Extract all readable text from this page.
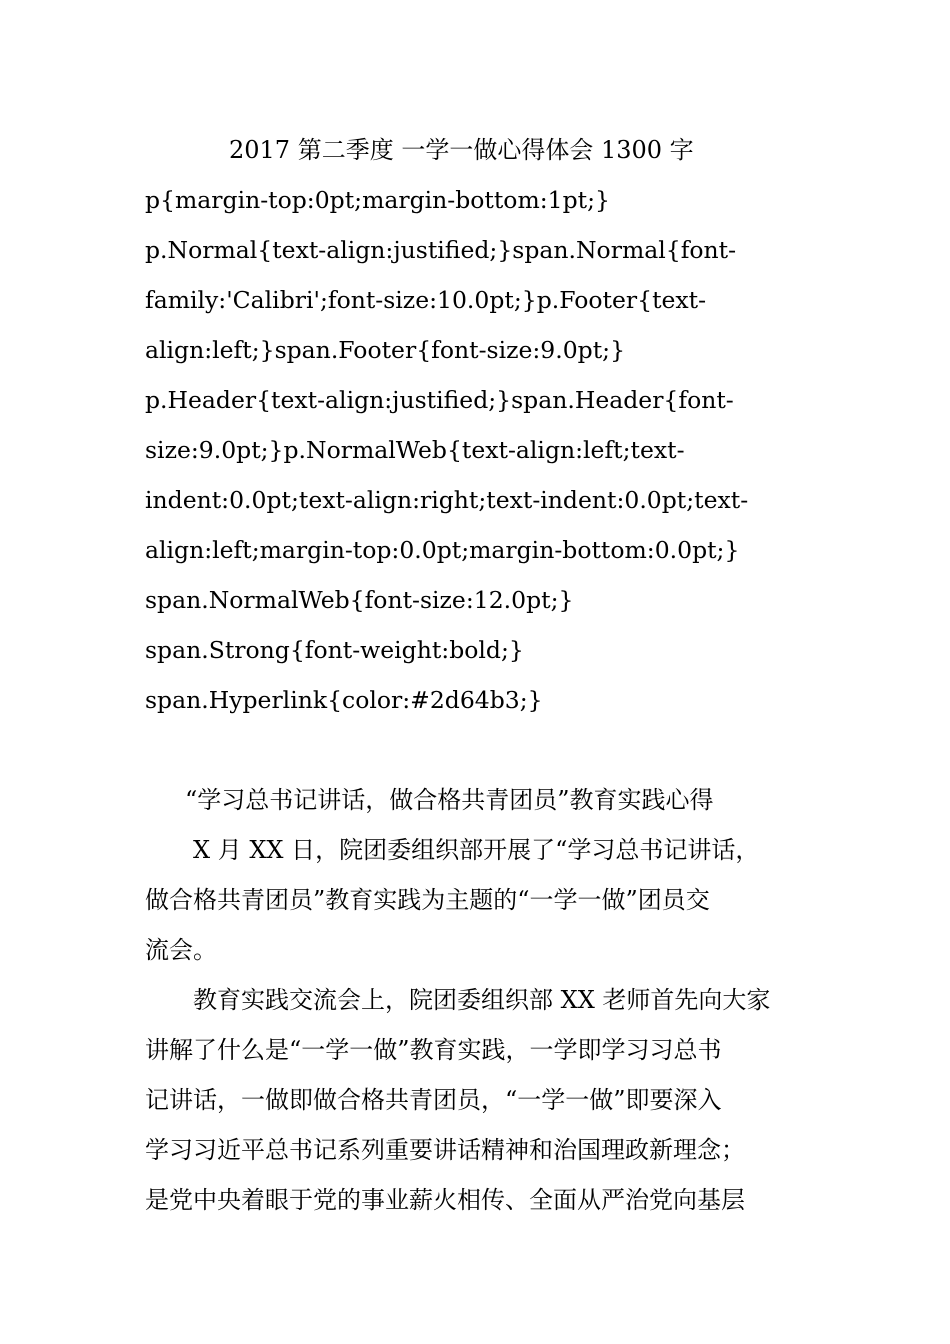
2017 第二季度 一学一做心得体会 1300 字

p{margin-top:0pt;margin-bottom:1pt;}

p.Normal{text-align:justified;}span.Normal{font-

family:'Calibri';font-size:10.0pt;}p.Footer{text-

align:left;}span.Footer{font-size:9.0pt;}

p.Header{text-align:justified;}span.Header{font-

size:9.0pt;}p.NormalWeb{text-align:left;text-

indent:0.0pt;text-align:right;text-indent:0.0pt;text-

align:left;margin-top:0.0pt;margin-bottom:0.0pt;}

span.NormalWeb{font-size:12.0pt;}

span.Strong{font-weight:bold;}

span.Hyperlink{color:#2d64b3;}

“学习总书记讲话，做合格共青团员”教育实践心得

X 月 XX 日，院团委组织部开展了“学习总书记讲话，

做合格共青团员”教育实践为主题的“一学一做”团员交

流会。

教育实践交流会上，院团委组织部 XX 老师首先向大家

讲解了什么是“一学一做”教育实践，一学即学习习总书

记讲话，一做即做合格共青团员，“一学一做”即要深入

学习习近平总书记系列重要讲话精神和治国理政新理念；

是党中央着眼于党的事业薪火相传、全面从严治党向基层
